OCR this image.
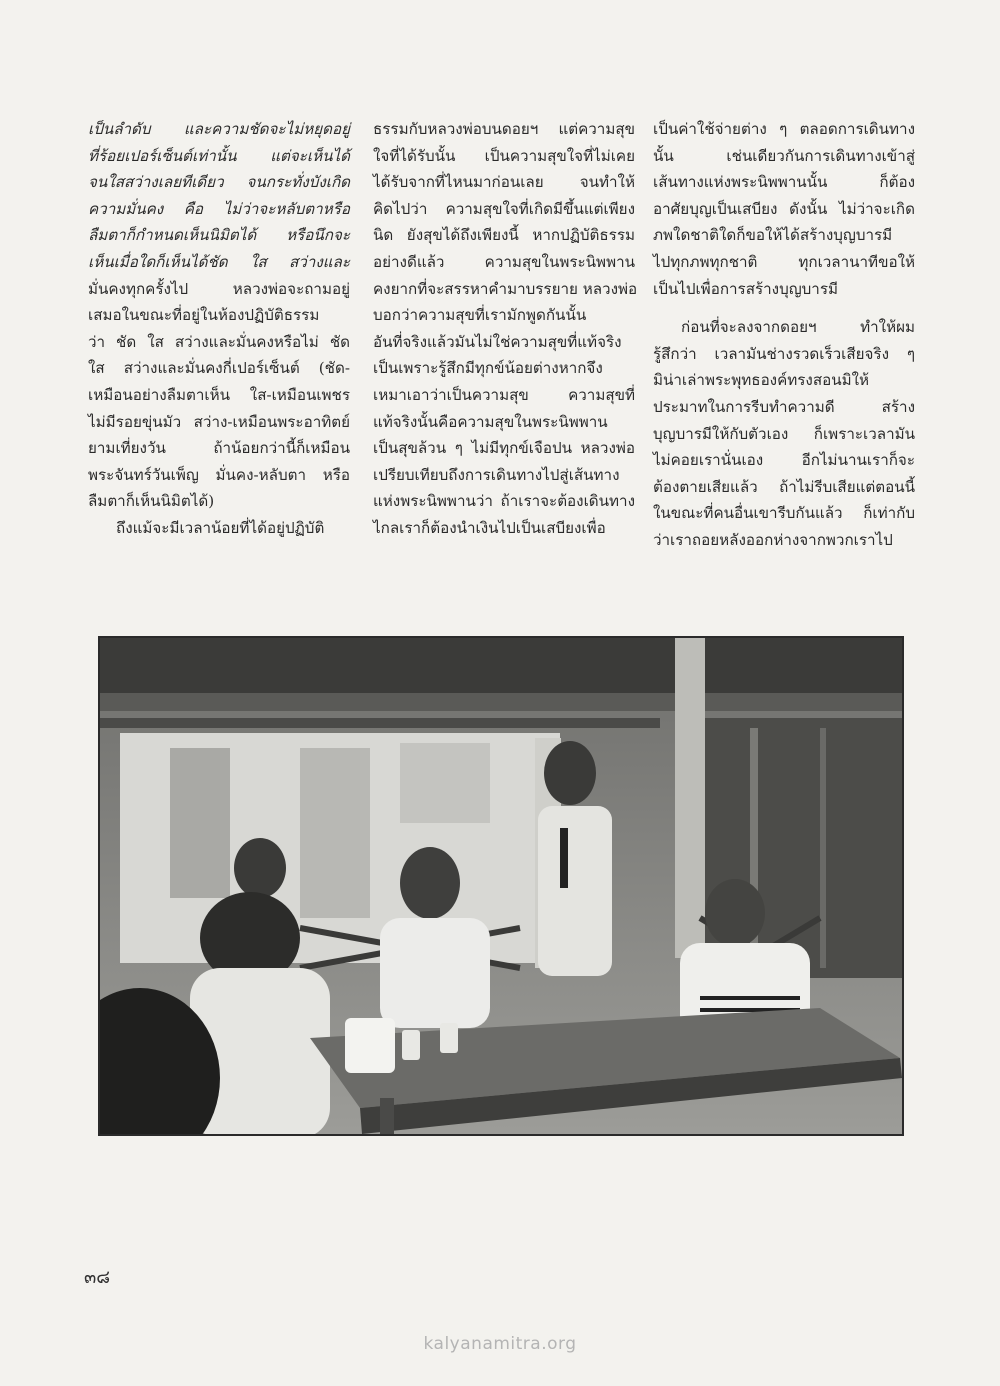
เป็นลำดับ และความชัดจะไม่หยุดอยู่
ที่ร้อยเปอร์เซ็นต์เท่านั้น แต่จะเห็นได้
จนใสสว่างเลยทีเดียว จนกระทั่งบังเกิด
ความมั่นคง คือ ไม่ว่าจะหลับตาหรือ
ลืมตาก็กำหนดเห็นนิมิตได้ หรือนึกจะ
เห็นเมื่อใดก็เห็นได้ชัด ใส สว่างและ
มั่นคงทุกครั้งไป หลวงพ่อจะถามอยู่
เสมอในขณะที่อยู่ในห้องปฏิบัติธรรม
ว่า ชัด ใส สว่างและมั่นคงหรือไม่ ชัด
ใส สว่างและมั่นคงกี่เปอร์เซ็นต์ (ชัด-
เหมือนอย่างลืมตาเห็น ใส-เหมือนเพชร
ไม่มีรอยขุ่นมัว สว่าง-เหมือนพระอาทิตย์
ยามเที่ยงวัน ถ้าน้อยกว่านี้ก็เหมือน
พระจันทร์วันเพ็ญ มั่นคง-หลับตา หรือ
ลืมตาก็เห็นนิมิตได้)
ถึงแม้จะมีเวลาน้อยที่ได้อยู่ปฏิบัติ
ธรรมกับหลวงพ่อบนดอยฯ แต่ความสุข
ใจที่ได้รับนั้น เป็นความสุขใจที่ไม่เคย
ได้รับจากที่ไหนมาก่อนเลย จนทำให้
คิดไปว่า ความสุขใจที่เกิดมีขึ้นแต่เพียง
นิด ยังสุขได้ถึงเพียงนี้ หากปฏิบัติธรรม
อย่างดีแล้ว ความสุขในพระนิพพาน
คงยากที่จะสรรหาคำมาบรรยาย หลวงพ่อ
บอกว่าความสุขที่เรามักพูดกันนั้น
อันที่จริงแล้วมันไม่ใช่ความสุขที่แท้จริง
เป็นเพราะรู้สึกมีทุกข์น้อยต่างหากจึง
เหมาเอาว่าเป็นความสุข ความสุขที่
แท้จริงนั้นคือความสุขในพระนิพพาน
เป็นสุขล้วน ๆ ไม่มีทุกข์เจือปน หลวงพ่อ
เปรียบเทียบถึงการเดินทางไปสู่เส้นทาง
แห่งพระนิพพานว่า ถ้าเราจะต้องเดินทาง
ไกลเราก็ต้องนำเงินไปเป็นเสบียงเพื่อ
เป็นค่าใช้จ่ายต่าง ๆ ตลอดการเดินทาง
นั้น เช่นเดียวกันการเดินทางเข้าสู่
เส้นทางแห่งพระนิพพานนั้น ก็ต้อง
อาศัยบุญเป็นเสบียง ดังนั้น ไม่ว่าจะเกิด
ภพใดชาติใดก็ขอให้ได้สร้างบุญบารมี
ไปทุกภพทุกชาติ ทุกเวลานาทีขอให้
เป็นไปเพื่อการสร้างบุญบารมี
ก่อนที่จะลงจากดอยฯ ทำให้ผม
รู้สึกว่า เวลามันช่างรวดเร็วเสียจริง ๆ
มิน่าเล่าพระพุทธองค์ทรงสอนมิให้
ประมาทในการรีบทำความดี สร้าง
บุญบารมีให้กับตัวเอง ก็เพราะเวลามัน
ไม่คอยเรานั่นเอง อีกไม่นานเราก็จะ
ต้องตายเสียแล้ว ถ้าไม่รีบเสียแต่ตอนนี้
ในขณะที่คนอื่นเขารีบกันแล้ว ก็เท่ากับ
ว่าเราถอยหลังออกห่างจากพวกเราไป
๓๘
kalyanamitra.org
